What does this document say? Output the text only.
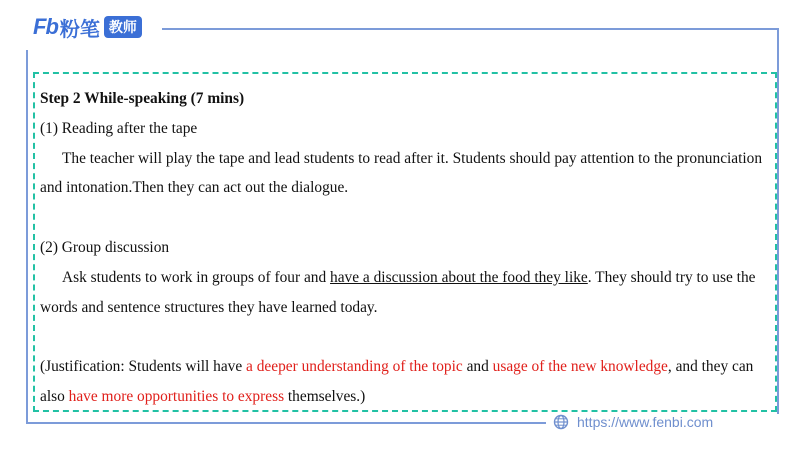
Fb 粉笔 教师

Step 2 While-speaking (7 mins)

(1) Reading after the tape

The teacher will play the tape and lead students to read after it. Students should pay attention to the pronunciation and intonation.Then they can act out the dialogue.

(2) Group discussion

Ask students to work in groups of four and have a discussion about the food they like. They should try to use the words and sentence structures they have learned today.

(Justification: Students will have a deeper understanding of the topic and usage of the new knowledge, and they can also have more opportunities to express themselves.)

https://www.fenbi.com
